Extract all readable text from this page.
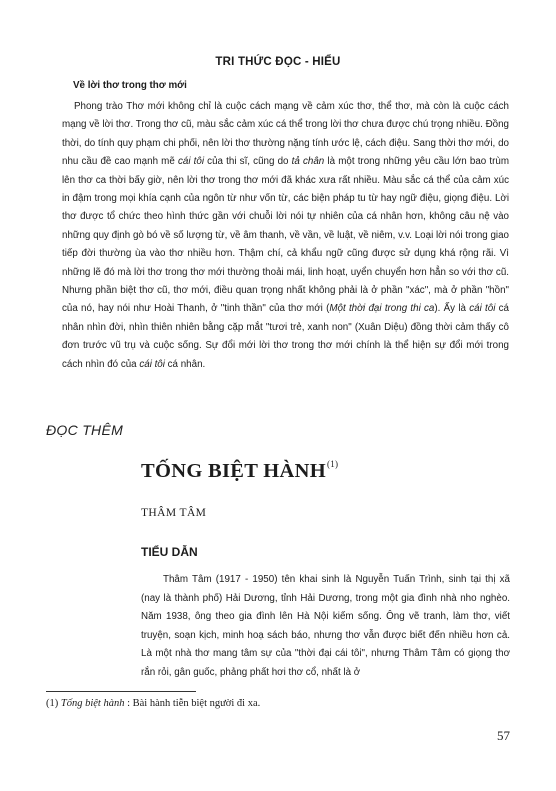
TRI THỨC ĐỌC - HIỂU
Về lời thơ trong thơ mới
Phong trào Thơ mới không chỉ là cuộc cách mạng về cảm xúc thơ, thể thơ, mà còn là cuộc cách mạng về lời thơ. Trong thơ cũ, màu sắc cảm xúc cá thể trong lời thơ chưa được chú trọng nhiều. Đồng thời, do tính quy phạm chi phối, nên lời thơ thường nặng tính ước lệ, cách điệu. Sang thời thơ mới, do nhu cầu đề cao mạnh mẽ cái tôi của thi sĩ, cũng do tả chân là một trong những yêu cầu lớn bao trùm lên thơ ca thời bấy giờ, nên lời thơ trong thơ mới đã khác xưa rất nhiều. Màu sắc cá thể của cảm xúc in đậm trong mọi khía cạnh của ngôn từ như vốn từ, các biện pháp tu từ hay ngữ điệu, giọng điệu. Lời thơ được tổ chức theo hình thức gần với chuỗi lời nói tự nhiên của cá nhân hơn, không câu nệ vào những quy định gò bó về số lượng từ, về âm thanh, về vần, về luật, về niêm, v.v. Loại lời nói trong giao tiếp đời thường ùa vào thơ nhiều hơn. Thậm chí, cả khẩu ngữ cũng được sử dụng khá rộng rãi. Vì những lẽ đó mà lời thơ trong thơ mới thường thoải mái, linh hoạt, uyển chuyển hơn hẳn so với thơ cũ. Nhưng phần biệt thơ cũ, thơ mới, điều quan trọng nhất không phải là ở phần "xác", mà ở phần "hồn" của nó, hay nói như Hoài Thanh, ở "tinh thần" của thơ mới (Một thời đại trong thi ca). Ấy là cái tôi cá nhân nhìn đời, nhìn thiên nhiên bằng cặp mắt "tươi trẻ, xanh non" (Xuân Diệu) đồng thời cảm thấy cô đơn trước vũ trụ và cuộc sống. Sự đổi mới lời thơ trong thơ mới chính là thể hiện sự đổi mới trong cách nhìn đó của cái tôi cá nhân.
ĐỌC THÊM
TỐNG BIỆT HÀNH$^{(1)}$
THÂM TÂM
TIỂU DẪN
Thâm Tâm (1917 - 1950) tên khai sinh là Nguyễn Tuấn Trình, sinh tại thị xã (nay là thành phố) Hải Dương, tỉnh Hải Dương, trong một gia đình nhà nho nghèo. Năm 1938, ông theo gia đình lên Hà Nội kiếm sống. Ông vẽ tranh, làm thơ, viết truyện, soạn kịch, minh hoạ sách báo, nhưng thơ vẫn được biết đến nhiều hơn cả. Là một nhà thơ mang tâm sự của "thời đại cái tôi", nhưng Thâm Tâm có giọng thơ rắn rỏi, gân guốc, phảng phất hơi thơ cổ, nhất là ở
(1) Tống biệt hành : Bài hành tiễn biệt người đi xa.
57
